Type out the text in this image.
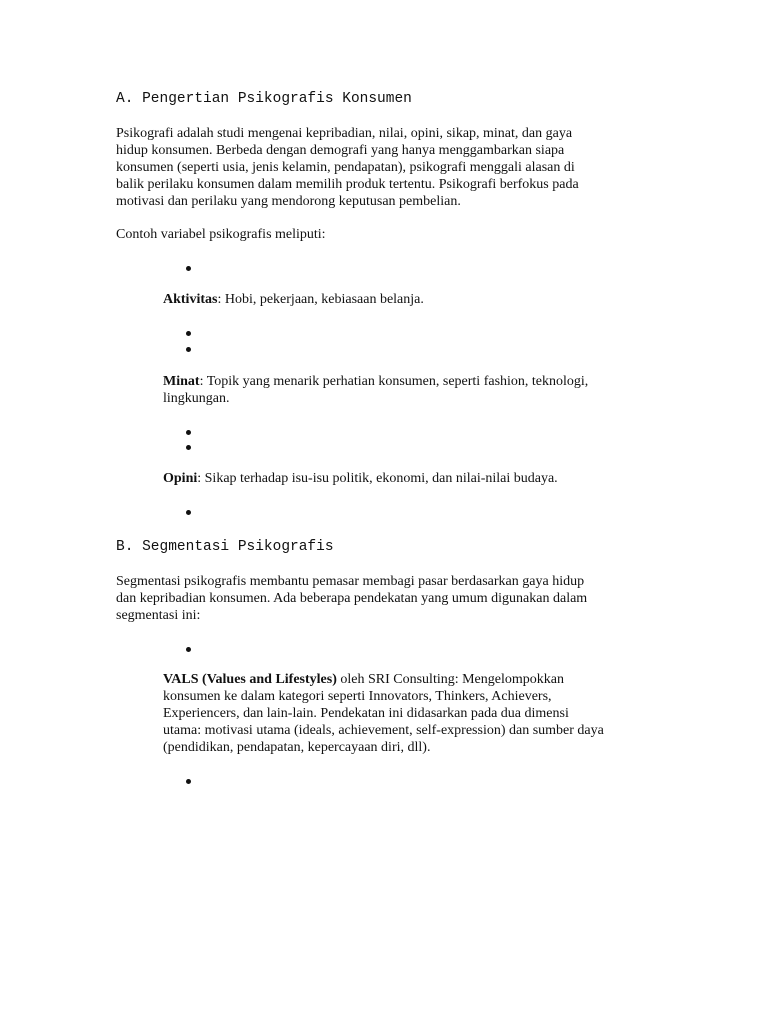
A. Pengertian Psikografis Konsumen
Psikografi adalah studi mengenai kepribadian, nilai, opini, sikap, minat, dan gaya
hidup konsumen. Berbeda dengan demografi yang hanya menggambarkan siapa
konsumen (seperti usia, jenis kelamin, pendapatan), psikografi menggali alasan di
balik perilaku konsumen dalam memilih produk tertentu. Psikografi berfokus pada
motivasi dan perilaku yang mendorong keputusan pembelian.

Contoh variabel psikografis meliputi:

Aktivitas: Hobi, pekerjaan, kebiasaan belanja.

Minat: Topik yang menarik perhatian konsumen, seperti fashion, teknologi,
lingkungan.

Opini: Sikap terhadap isu-isu politik, ekonomi, dan nilai-nilai budaya.

B. Segmentasi Psikografis
Segmentasi psikografis membantu pemasar membagi pasar berdasarkan gaya hidup
dan kepribadian konsumen. Ada beberapa pendekatan yang umum digunakan dalam
segmentasi ini:

VALS (Values and Lifestyles) oleh SRI Consulting: Mengelompokkan
konsumen ke dalam kategori seperti Innovators, Thinkers, Achievers,
Experiencers, dan lain-lain. Pendekatan ini didasarkan pada dua dimensi
utama: motivasi utama (ideals, achievement, self-expression) dan sumber daya
(pendidikan, pendapatan, kepercayaan diri, dll).
